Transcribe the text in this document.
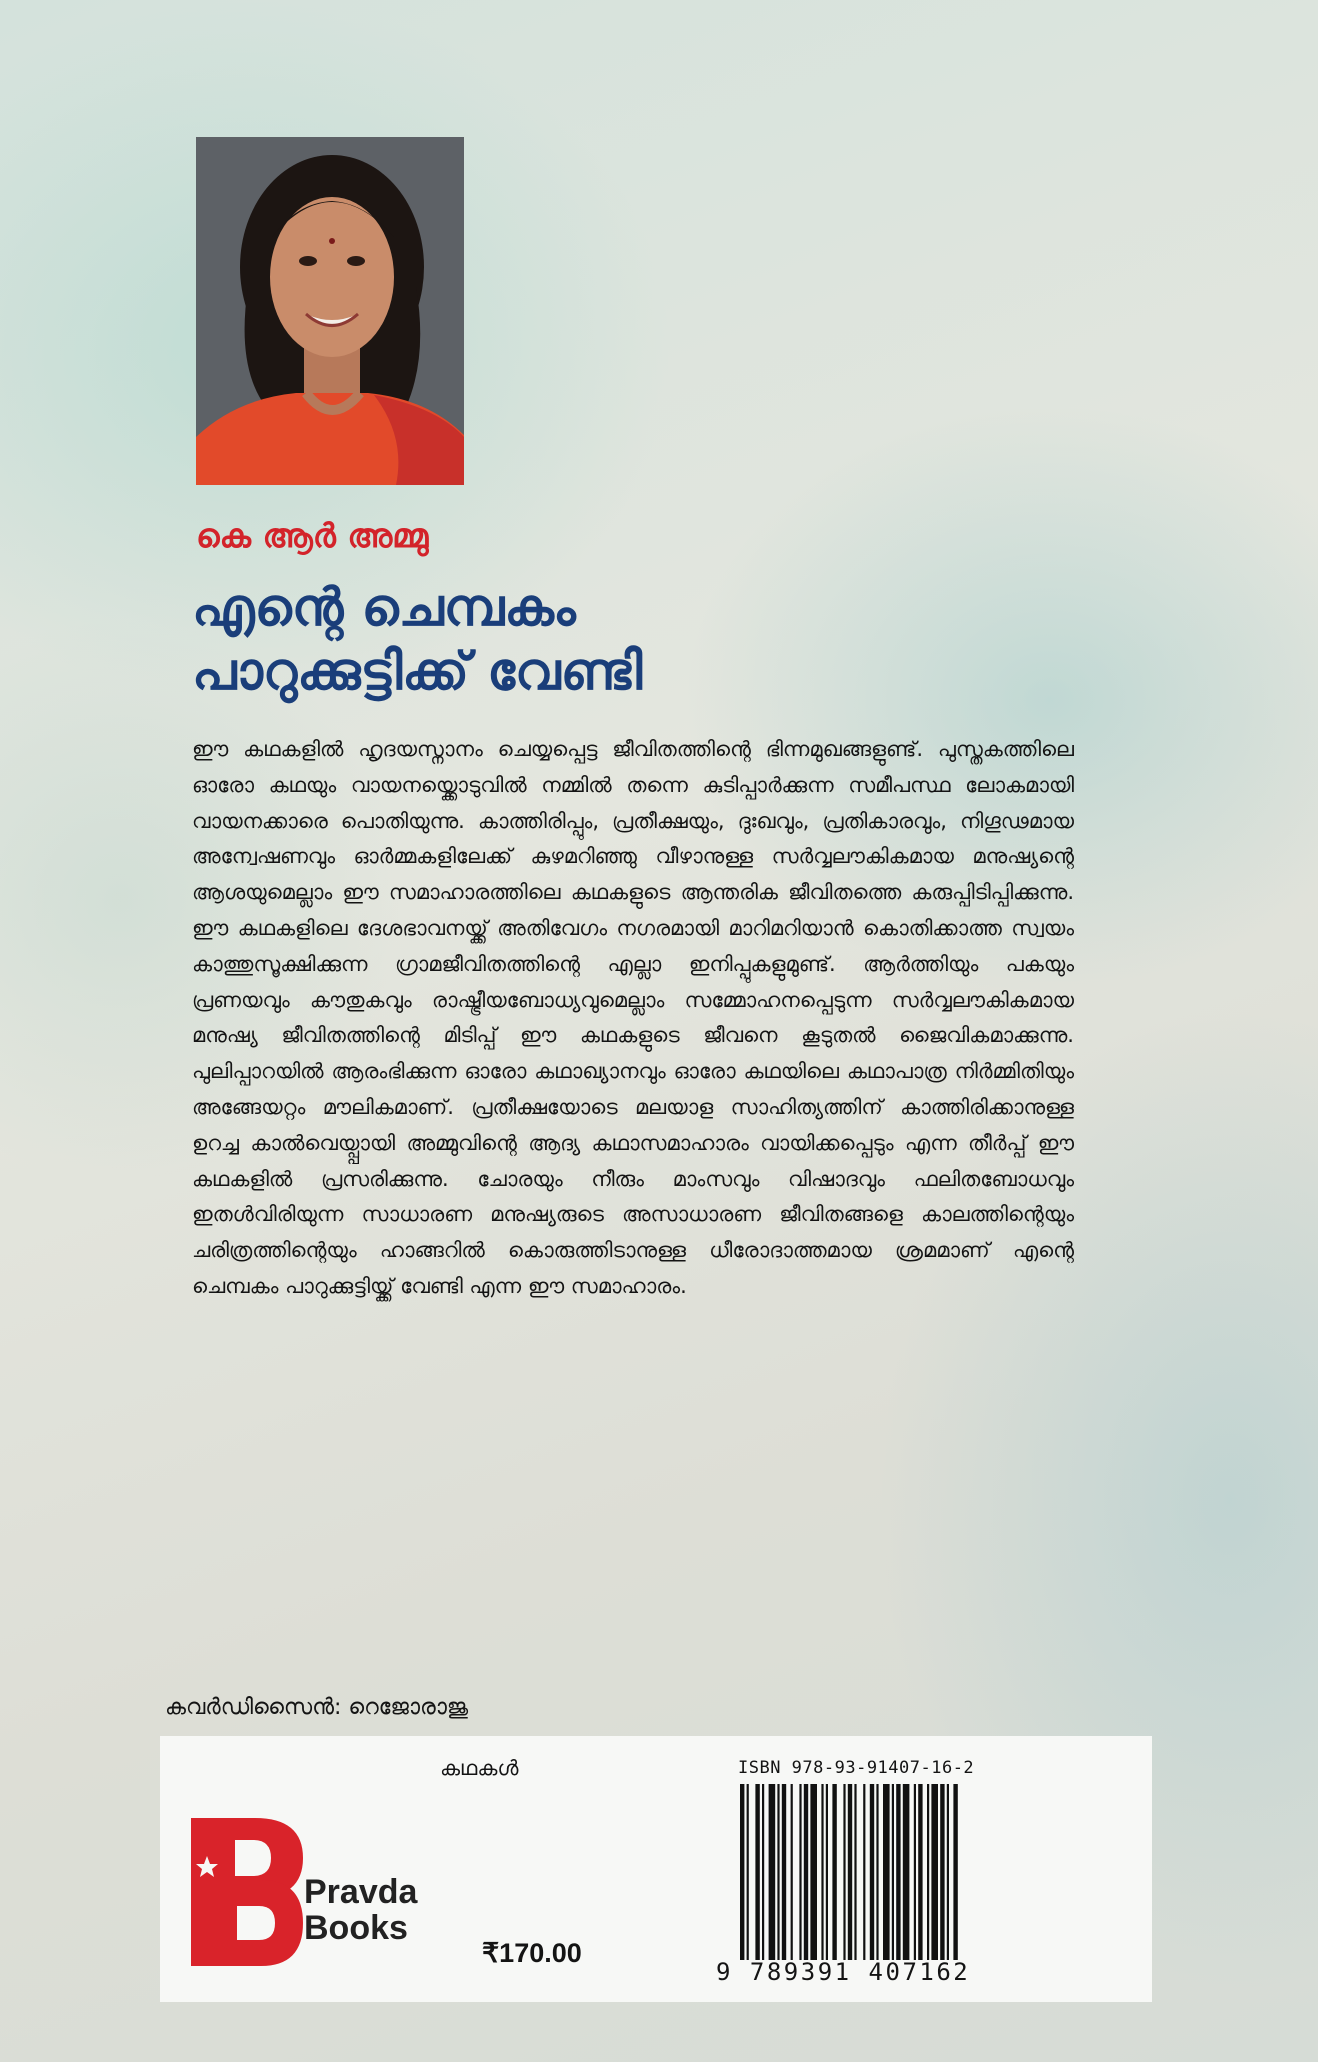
കെ ആർ അമ്മു
എന്റെ ചെമ്പകം
പാറുക്കുട്ടിക്ക് വേണ്ടി
ഈ കഥകളിൽ ഹൃദയസ്നാനം ചെയ്യപ്പെട്ട ജീവിതത്തിന്റെ ഭിന്നമുഖങ്ങളുണ്ട്. പുസ്തകത്തിലെ ഓരോ കഥയും വായനയ്ക്കൊടുവിൽ നമ്മിൽ തന്നെ കുടിപ്പാർക്കുന്ന സമീപസ്ഥ ലോകമായി വായനക്കാരെ പൊതിയുന്നു. കാത്തിരിപ്പും, പ്രതീക്ഷയും, ദുഃഖവും, പ്രതികാരവും, നിഗൂഢമായ അന്വേഷണവും ഓർമ്മകളിലേക്ക് കുഴമറിഞ്ഞു വീഴാനുള്ള സർവ്വലൗകികമായ മനുഷ്യന്റെ ആശയുമെല്ലാം ഈ സമാഹാരത്തിലെ കഥകളുടെ ആന്തരിക ജീവിതത്തെ കരുപ്പിടിപ്പിക്കുന്നു. ഈ കഥകളിലെ ദേശഭാവനയ്ക്ക് അതിവേഗം നഗരമായി മാറിമറിയാൻ കൊതിക്കാത്ത സ്വയം കാത്തുസൂക്ഷിക്കുന്ന ഗ്രാമജീവിതത്തിന്റെ എല്ലാ ഇനിപ്പുകളുമുണ്ട്. ആർത്തിയും പകയും പ്രണയവും കൗതുകവും രാഷ്ട്രീയബോധ്യവുമെല്ലാം സമ്മോഹനപ്പെടുന്ന സർവ്വലൗകികമായ മനുഷ്യ ജീവിതത്തിന്റെ മിടിപ്പ് ഈ കഥകളുടെ ജീവനെ കൂടുതൽ ജൈവികമാക്കുന്നു. പുലിപ്പാറയിൽ ആരംഭിക്കുന്ന ഓരോ കഥാഖ്യാനവും ഓരോ കഥയിലെ കഥാപാത്ര നിർമ്മിതിയും അങ്ങേയറ്റം മൗലികമാണ്. പ്രതീക്ഷയോടെ മലയാള സാഹിത്യത്തിന് കാത്തിരിക്കാനുള്ള ഉറച്ച കാൽവെയ്പ്പായി അമ്മുവിന്റെ ആദ്യ കഥാസമാഹാരം വായിക്കപ്പെടും എന്ന തീർപ്പ് ഈ കഥകളിൽ പ്രസരിക്കുന്നു. ചോരയും നീരും മാംസവും വിഷാദവും ഫലിതബോധവും ഇതൾവിരിയുന്ന സാധാരണ മനുഷ്യരുടെ അസാധാരണ ജീവിതങ്ങളെ കാലത്തിന്റെയും ചരിത്രത്തിന്റെയും ഹാങ്ങറിൽ കൊരുത്തിടാനുള്ള ധീരോദാത്തമായ ശ്രമമാണ് എന്റെ ചെമ്പകം പാറുക്കുട്ടിയ്ക്ക് വേണ്ടി എന്ന ഈ സമാഹാരം.
കവർഡിസൈൻ: റെജോരാജു
കഥകൾ
Pravda
Books
₹170.00
ISBN 978-93-91407-16-2
9 789391 407162
